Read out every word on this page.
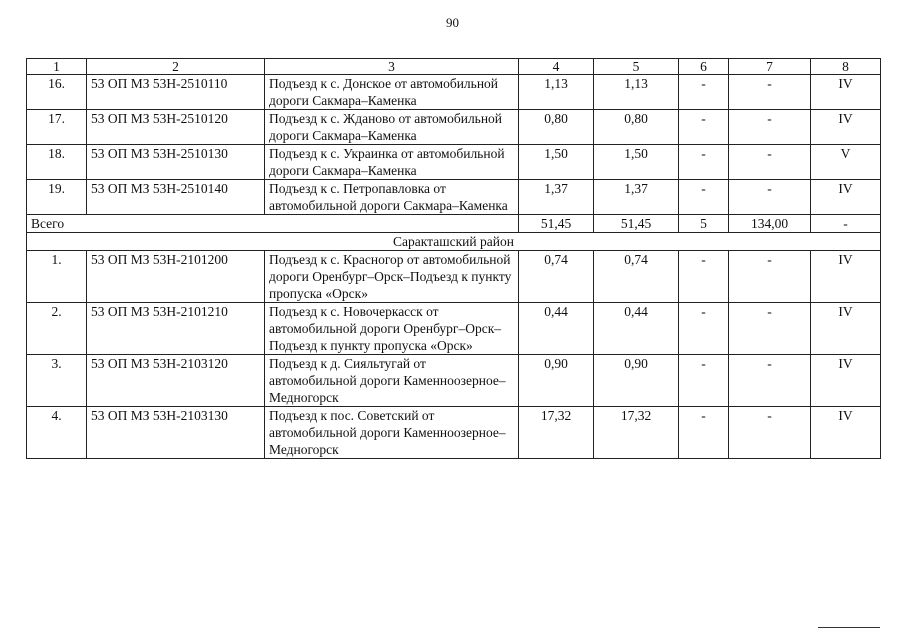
90
1	2	3	4	5	6	7	8
16.	53 ОП МЗ 53Н-2510110	Подъезд к с. Донское от автомобильной дороги Сакмара–Каменка	1,13	1,13	-	-	IV
17.	53 ОП МЗ 53Н-2510120	Подъезд к с. Жданово от автомобильной дороги Сакмара–Каменка	0,80	0,80	-	-	IV
18.	53 ОП МЗ 53Н-2510130	Подъезд к с. Украинка от автомобильной дороги Сакмара–Каменка	1,50	1,50	-	-	V
19.	53 ОП МЗ 53Н-2510140	Подъезд к с. Петропавловка от автомобильной дороги Сакмара–Каменка	1,37	1,37	-	-	IV
Всего			51,45	51,45	5	134,00	-
Саракташский район							
1.	53 ОП МЗ 53Н-2101200	Подъезд к с. Красногор от автомобильной дороги Оренбург–Орск–Подъезд к пункту пропуска «Орск»	0,74	0,74	-	-	IV
2.	53 ОП МЗ 53Н-2101210	Подъезд к с. Новочеркасск от автомобильной дороги Оренбург–Орск–Подъезд к пункту пропуска «Орск»	0,44	0,44	-	-	IV
3.	53 ОП МЗ 53Н-2103120	Подъезд к д. Сияльтугай от автомобильной дороги Каменноозерное–Медногорск	0,90	0,90	-	-	IV
4.	53 ОП МЗ 53Н-2103130	Подъезд к пос. Советский от автомобильной дороги Каменноозерное–Медногорск	17,32	17,32	-	-	IV
